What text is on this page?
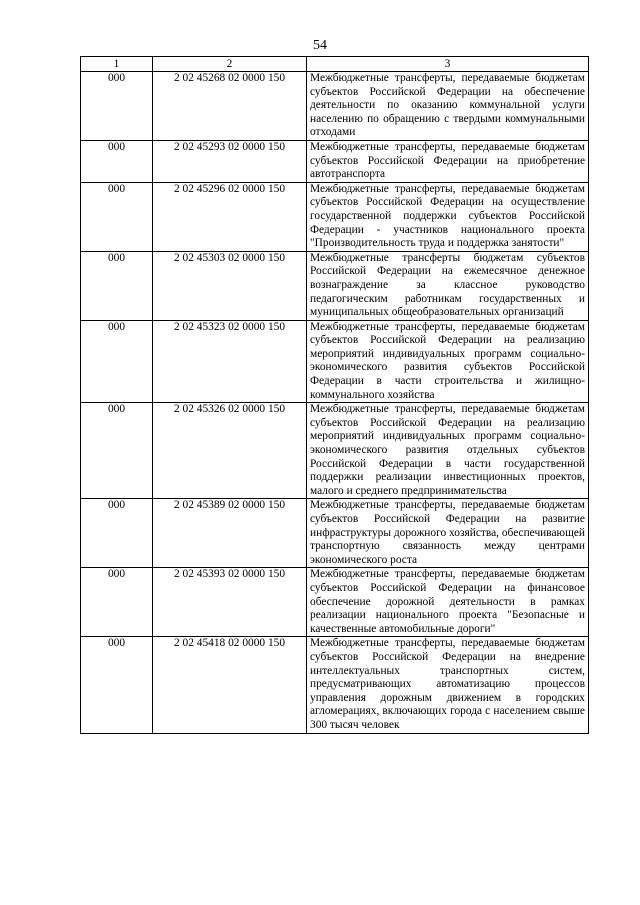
54
1	2	3
000	2 02 45268 02 0000 150	Межбюджетные трансферты, передаваемые бюджетам субъектов Российской Федерации на обеспечение деятельности по оказанию коммунальной услуги населению по обращению с твердыми коммунальными отходами
000	2 02 45293 02 0000 150	Межбюджетные трансферты, передаваемые бюджетам субъектов Российской Федерации на приобретение автотранспорта
000	2 02 45296 02 0000 150	Межбюджетные трансферты, передаваемые бюджетам субъектов Российской Федерации на осуществление государственной поддержки субъектов Российской Федерации - участников национального проекта "Производительность труда и поддержка занятости"
000	2 02 45303 02 0000 150	Межбюджетные трансферты бюджетам субъектов Российской Федерации на ежемесячное денежное вознаграждение за классное руководство педагогическим работникам государственных и муниципальных общеобразовательных организаций
000	2 02 45323 02 0000 150	Межбюджетные трансферты, передаваемые бюджетам субъектов Российской Федерации на реализацию мероприятий индивидуальных программ социально-экономического развития субъектов Российской Федерации в части строительства и жилищно-коммунального хозяйства
000	2 02 45326 02 0000 150	Межбюджетные трансферты, передаваемые бюджетам субъектов Российской Федерации на реализацию мероприятий индивидуальных программ социально-экономического развития отдельных субъектов Российской Федерации в части государственной поддержки реализации инвестиционных проектов, малого и среднего предпринимательства
000	2 02 45389 02 0000 150	Межбюджетные трансферты, передаваемые бюджетам субъектов Российской Федерации на развитие инфраструктуры дорожного хозяйства, обеспечивающей транспортную связанность между центрами экономического роста
000	2 02 45393 02 0000 150	Межбюджетные трансферты, передаваемые бюджетам субъектов Российской Федерации на финансовое обеспечение дорожной деятельности в рамках реализации национального проекта "Безопасные и качественные автомобильные дороги"
000	2 02 45418 02 0000 150	Межбюджетные трансферты, передаваемые бюджетам субъектов Российской Федерации на внедрение интеллектуальных транспортных систем, предусматривающих автоматизацию процессов управления дорожным движением в городских агломерациях, включающих города с населением свыше 300 тысяч человек
